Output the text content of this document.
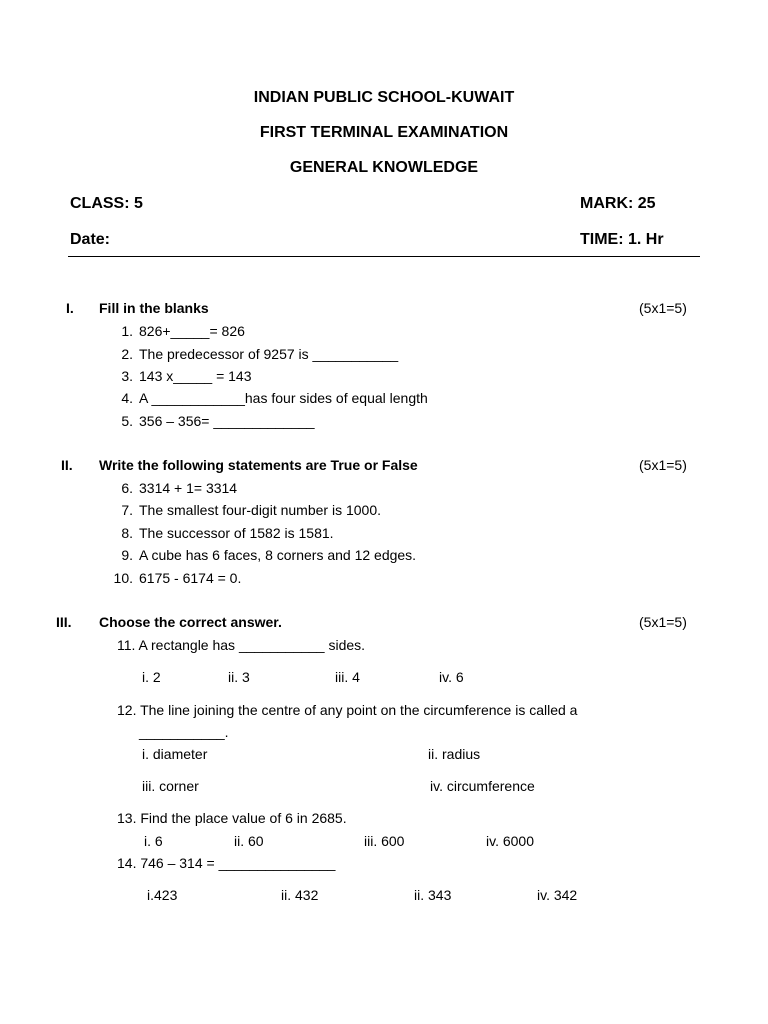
INDIAN PUBLIC SCHOOL-KUWAIT
FIRST TERMINAL EXAMINATION
GENERAL KNOWLEDGE
CLASS: 5	MARK: 25
Date:	TIME: 1. Hr
I. Fill in the blanks	(5x1=5)
1. 826+_____= 826
2. The predecessor of 9257 is ___________
3. 143 x_____ = 143
4. A ____________has four sides of equal length
5. 356 – 356= _____________
II. Write the following statements are True or False	(5x1=5)
6. 3314 + 1= 3314
7. The smallest four-digit number is 1000.
8. The successor of 1582 is 1581.
9. A cube has 6 faces, 8 corners and 12 edges.
10. 6175 - 6174 = 0.
III. Choose the correct answer.	(5x1=5)
11. A rectangle has ___________ sides.
i. 2	ii. 3	iii. 4	iv. 6
12. The line joining the centre of any point on the circumference is called a
___________.
i. diameter	ii. radius
iii. corner	iv. circumference
13. Find the place value of 6 in 2685.
i. 6	ii. 60	iii. 600	iv. 6000
14. 746 – 314 = _______________
i.423	ii. 432	ii. 343	iv. 342
